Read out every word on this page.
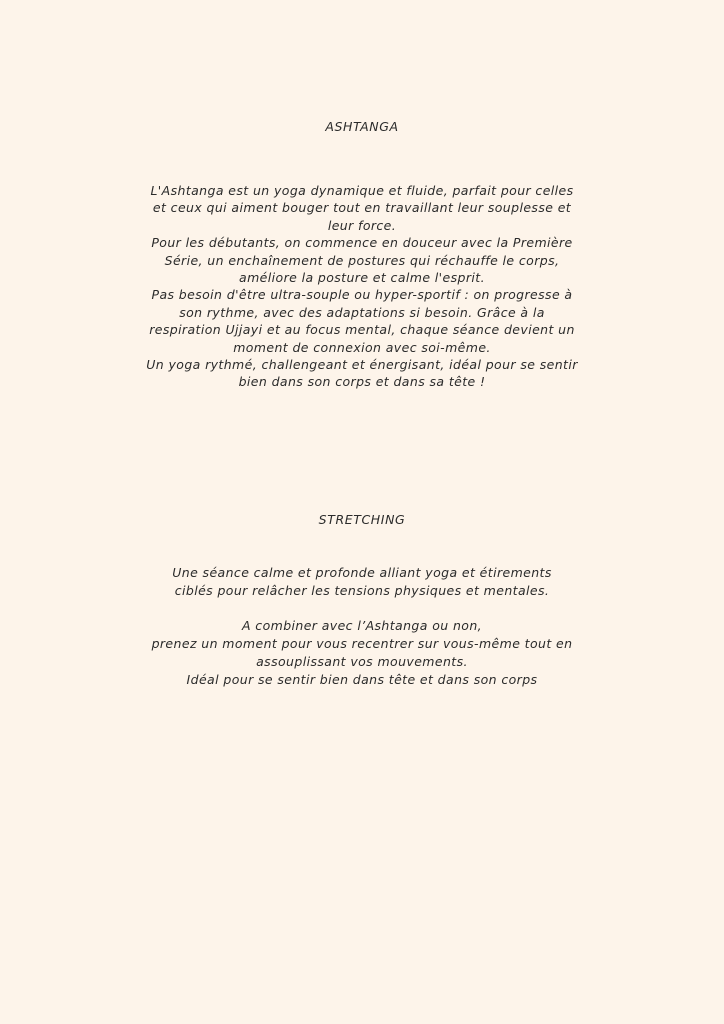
ASHTANGA
L'Ashtanga est un yoga dynamique et fluide, parfait pour celles
et ceux qui aiment bouger tout en travaillant leur souplesse et
leur force.
Pour les débutants, on commence en douceur avec la Première
Série, un enchaînement de postures qui réchauffe le corps,
améliore la posture et calme l'esprit.
Pas besoin d'être ultra-souple ou hyper-sportif : on progresse à
son rythme, avec des adaptations si besoin. Grâce à la
respiration Ujjayi et au focus mental, chaque séance devient un
moment de connexion avec soi-même.
Un yoga rythmé, challengeant et énergisant, idéal pour se sentir
bien dans son corps et dans sa tête !
STRETCHING
Une séance calme et profonde alliant yoga et étirements
ciblés pour relâcher les tensions physiques et mentales.
A combiner avec l’Ashtanga ou non,
prenez un moment pour vous recentrer sur vous-même tout en
assouplissant vos mouvements.
Idéal pour se sentir bien dans tête et dans son corps
